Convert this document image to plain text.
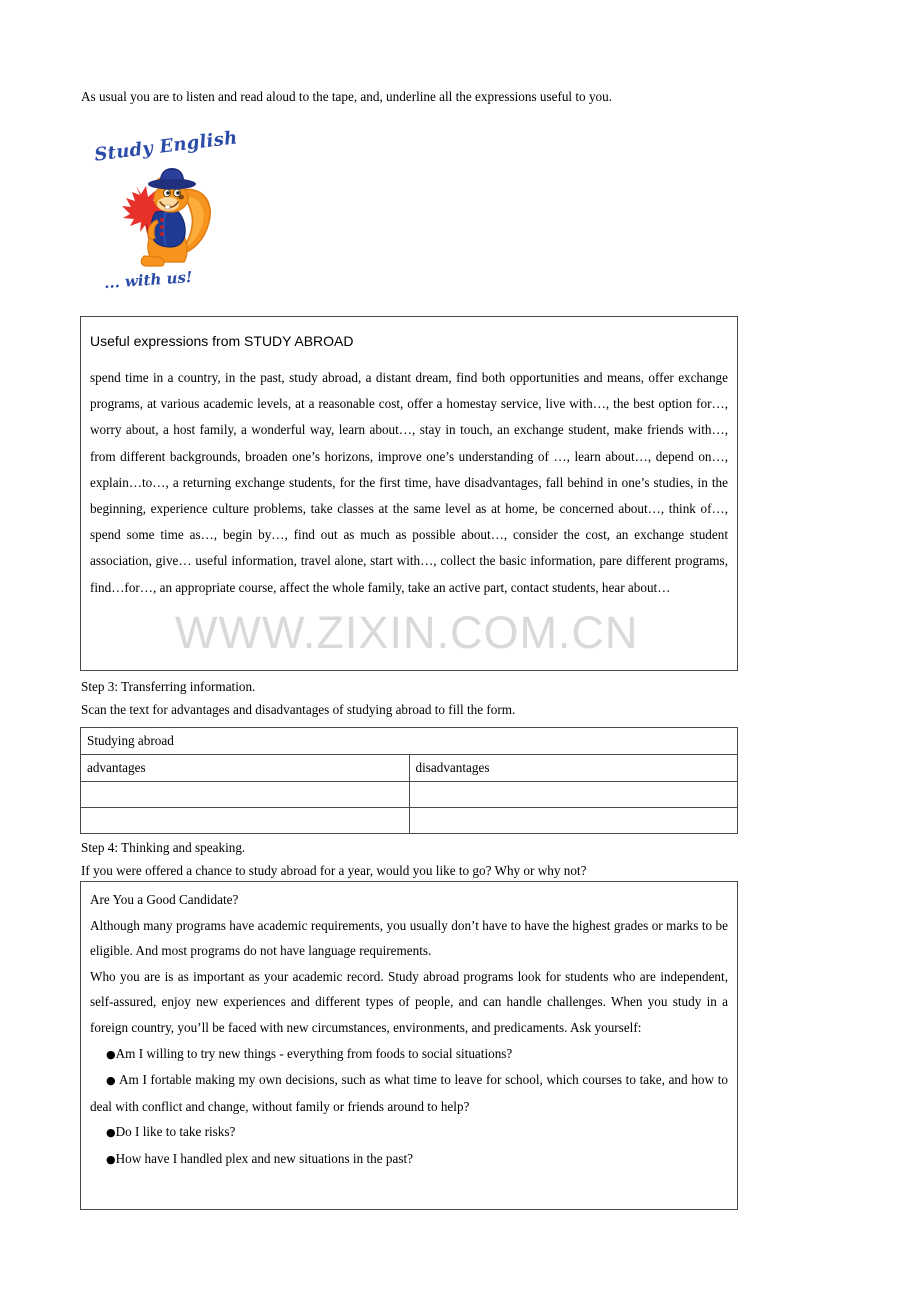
As usual you are to listen and read aloud to the tape, and, underline all the expressions useful to you.
Study English
... with us!
Useful expressions from STUDY ABROAD

spend time in a country, in the past, study abroad, a distant dream, find both opportunities and means, offer exchange programs, at various academic levels, at a reasonable cost, offer a homestay service, live with…, the best option for…, worry about, a host family, a wonderful way, learn about…, stay in touch, an exchange student, make friends with…, from different backgrounds, broaden one’s horizons, improve one’s understanding of …, learn about…, depend on…, explain…to…, a returning exchange students, for the first time, have disadvantages, fall behind in one’s studies, in the beginning, experience culture problems, take classes at the same level as at home, be concerned about…, think of…, spend some time as…, begin by…, find out as much as possible about…, consider the cost, an exchange student association, give… useful information, travel alone, start with…, collect the basic information, pare different programs, find…for…, an appropriate course, affect the whole family, take an active part, contact students, hear about…

WWW.ZIXIN.COM.CN
Step 3: Transferring information.
Scan the text for advantages and disadvantages of studying abroad to fill the form.
Studying abroad	
advantages	disadvantages

Step 4: Thinking and speaking.
If you were offered a chance to study abroad for a year, would you like to go? Why or why not?

Are You a Good Candidate?

Although many programs have academic requirements, you usually don’t have to have the highest grades or marks to be eligible. And most programs do not have language requirements.

Who you are is as important as your academic record. Study abroad programs look for students who are independent, self-assured, enjoy new experiences and different types of people, and can handle challenges. When you study in a foreign country, you’ll be faced with new circumstances, environments, and predicaments. Ask yourself:

●Am I willing to try new things - everything from foods to social situations?

● Am I fortable making my own decisions, such as what time to leave for school, which courses to take, and how to deal with conflict and change, without family or friends around to help?

●Do I like to take risks?

●How have I handled plex and new situations in the past?
